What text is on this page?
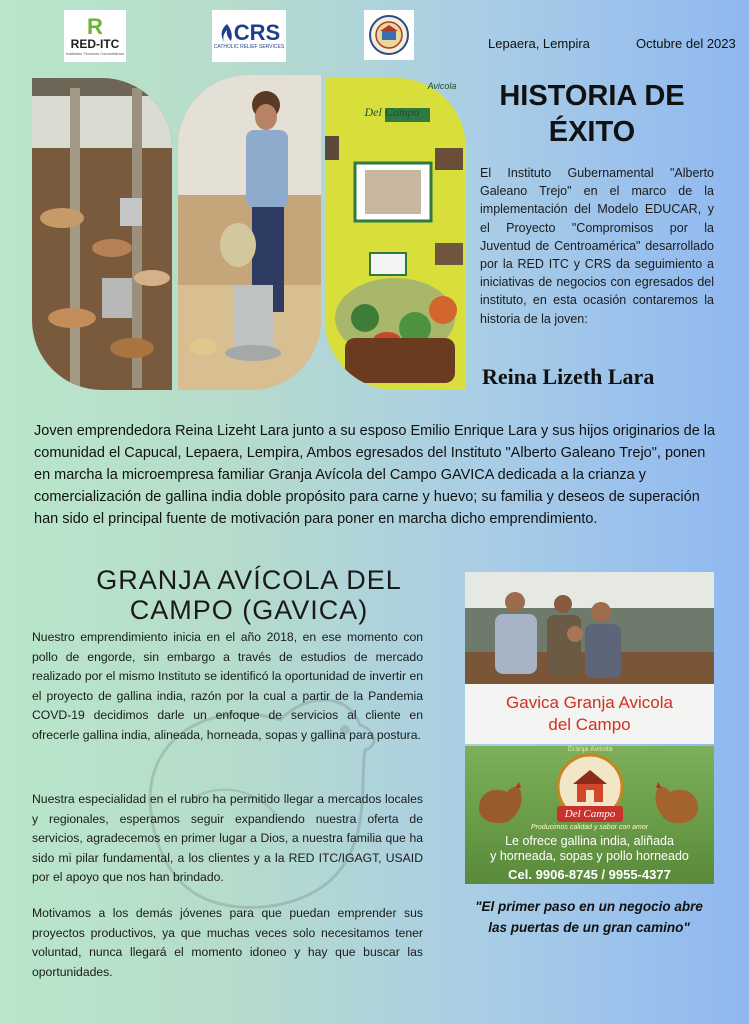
R
RED-ITC
Institutos Técnicos Comunitarios
CRS
CATHOLIC RELIEF SERVICES	Lepaera, Lempira	Octubre del 2023
Avicola
Del Campo	HISTORIA DE
ÉXITO
El Instituto Gubernamental "Alberto Galeano Trejo" en el marco de la implementación del Modelo EDUCAR, y el Proyecto "Compromisos por la Juventud de Centroamérica" desarrollado por la RED ITC y CRS da seguimiento a iniciativas de negocios con egresados del instituto, en esta ocasión contaremos la historia de la joven:
Reina Lizeth Lara
Joven emprendedora Reina Lizeht Lara junto a su esposo Emilio Enrique Lara y sus hijos originarios de la comunidad el Capucal, Lepaera, Lempira, Ambos egresados del Instituto "Alberto Galeano Trejo", ponen en marcha la microempresa familiar Granja Avícola del Campo GAVICA dedicada a la crianza y comercialización de gallina india doble propósito para carne y huevo; su familia y deseos de superación han sido el principal fuente de motivación para poner en marcha dicho emprendimiento.
GRANJA AVÍCOLA DEL
CAMPO (GAVICA)
Nuestro emprendimiento inicia en el año 2018, en ese momento con pollo de engorde, sin embargo a través de estudios de mercado realizado por el mismo Instituto se identificó la oportunidad de invertir en el proyecto de gallina india, razón por la cual a partir de la Pandemia COVD-19 decidimos darle un enfoque de servicios al cliente en ofrecerle gallina india, alineada, horneada, sopas y gallina para postura.
Nuestra especialidad en el rubro ha permitido llegar a mercados locales y regionales, esperamos seguir expandiendo nuestra oferta de servicios, agradecemos en primer lugar a Dios, a nuestra familia que ha sido mi pilar fundamental, a los clientes y a la RED ITC/IGAGT, USAID por el apoyo que nos han brindado.
Motivamos a los demás jóvenes para que puedan emprender sus proyectos productivos, ya que muchas veces solo necesitamos tener voluntad, nunca llegará el momento idoneo y hay que buscar las oportunidades.
Gavica Granja Avicola
del Campo
Granja Avicola
Del Campo
Producimos calidad y sabor con amor
Le ofrece gallina india, aliñada
y horneada, sopas y pollo horneado
Cel. 9906-8745 / 9955-4377
"El primer paso en un negocio abre
las puertas de un gran camino"
